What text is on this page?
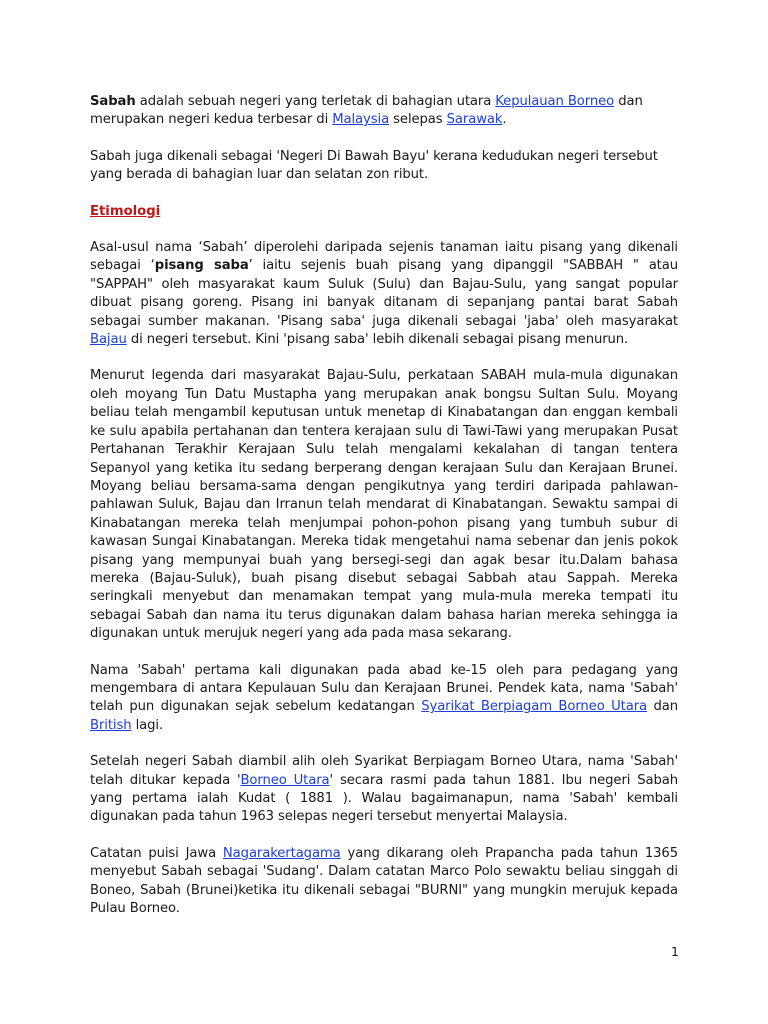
Sabah adalah sebuah negeri yang terletak di bahagian utara Kepulauan Borneo dan merupakan negeri kedua terbesar di Malaysia selepas Sarawak.

Sabah juga dikenali sebagai 'Negeri Di Bawah Bayu' kerana kedudukan negeri tersebut yang berada di bahagian luar dan selatan zon ribut.

Etimologi

Asal-usul nama ‘Sabah’ diperolehi daripada sejenis tanaman iaitu pisang yang dikenali sebagai ‘pisang saba’ iaitu sejenis buah pisang yang dipanggil "SABBAH " atau "SAPPAH" oleh masyarakat kaum Suluk (Sulu) dan Bajau-Sulu, yang sangat popular dibuat pisang goreng. Pisang ini banyak ditanam di sepanjang pantai barat Sabah sebagai sumber makanan. 'Pisang saba' juga dikenali sebagai 'jaba' oleh masyarakat Bajau di negeri tersebut. Kini 'pisang saba' lebih dikenali sebagai pisang menurun.

Menurut legenda dari masyarakat Bajau-Sulu, perkataan SABAH mula-mula digunakan oleh moyang Tun Datu Mustapha yang merupakan anak bongsu Sultan Sulu. Moyang beliau telah mengambil keputusan untuk menetap di Kinabatangan dan enggan kembali ke sulu apabila pertahanan dan tentera kerajaan sulu di Tawi-Tawi yang merupakan Pusat Pertahanan Terakhir Kerajaan Sulu telah mengalami kekalahan di tangan tentera Sepanyol yang ketika itu sedang berperang dengan kerajaan Sulu dan Kerajaan Brunei. Moyang beliau bersama-sama dengan pengikutnya yang terdiri daripada pahlawan-pahlawan Suluk, Bajau dan Irranun telah mendarat di Kinabatangan. Sewaktu sampai di Kinabatangan mereka telah menjumpai pohon-pohon pisang yang tumbuh subur di kawasan Sungai Kinabatangan. Mereka tidak mengetahui nama sebenar dan jenis pokok pisang yang mempunyai buah yang bersegi-segi dan agak besar itu.Dalam bahasa mereka (Bajau-Suluk), buah pisang disebut sebagai Sabbah atau Sappah. Mereka seringkali menyebut dan menamakan tempat yang mula-mula mereka tempati itu sebagai Sabah dan nama itu terus digunakan dalam bahasa harian mereka sehingga ia digunakan untuk merujuk negeri yang ada pada masa sekarang.

Nama 'Sabah' pertama kali digunakan pada abad ke-15 oleh para pedagang yang mengembara di antara Kepulauan Sulu dan Kerajaan Brunei. Pendek kata, nama 'Sabah' telah pun digunakan sejak sebelum kedatangan Syarikat Berpiagam Borneo Utara dan British lagi.

Setelah negeri Sabah diambil alih oleh Syarikat Berpiagam Borneo Utara, nama 'Sabah' telah ditukar kepada 'Borneo Utara' secara rasmi pada tahun 1881. Ibu negeri Sabah yang pertama ialah Kudat ( 1881 ). Walau bagaimanapun, nama 'Sabah' kembali digunakan pada tahun 1963 selepas negeri tersebut menyertai Malaysia.

Catatan puisi Jawa Nagarakertagama yang dikarang oleh Prapancha pada tahun 1365 menyebut Sabah sebagai 'Sudang'. Dalam catatan Marco Polo sewaktu beliau singgah di Boneo, Sabah (Brunei)ketika itu dikenali sebagai "BURNI" yang mungkin merujuk kepada Pulau Borneo.

1
